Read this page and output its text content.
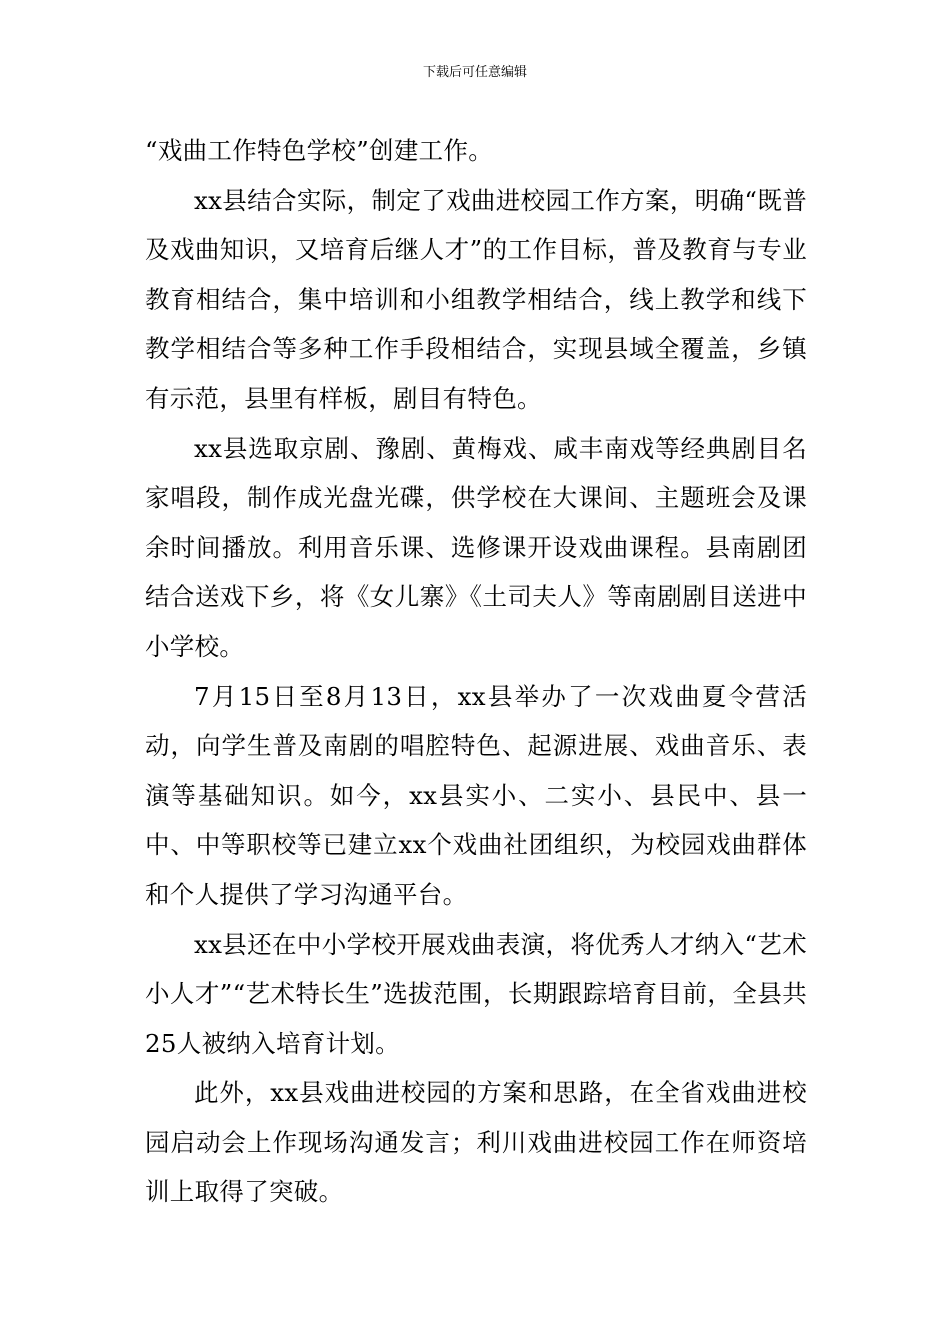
下载后可任意编辑

“戏曲工作特色学校”创建工作。

xx县结合实际，制定了戏曲进校园工作方案，明确“既普及戏曲知识，又培育后继人才”的工作目标，普及教育与专业教育相结合，集中培训和小组教学相结合，线上教学和线下教学相结合等多种工作手段相结合，实现县域全覆盖，乡镇有示范，县里有样板，剧目有特色。

xx县选取京剧、豫剧、黄梅戏、咸丰南戏等经典剧目名家唱段，制作成光盘光碟，供学校在大课间、主题班会及课余时间播放。利用音乐课、选修课开设戏曲课程。县南剧团结合送戏下乡，将《女儿寨》《土司夫人》等南剧剧目送进中小学校。

7月15日至8月13日，xx县举办了一次戏曲夏令营活动，向学生普及南剧的唱腔特色、起源进展、戏曲音乐、表演等基础知识。如今，xx县实小、二实小、县民中、县一中、中等职校等已建立xx个戏曲社团组织，为校园戏曲群体和个人提供了学习沟通平台。

xx县还在中小学校开展戏曲表演，将优秀人才纳入“艺术小人才”“艺术特长生”选拔范围，长期跟踪培育目前，全县共25人被纳入培育计划。

此外，xx县戏曲进校园的方案和思路，在全省戏曲进校园启动会上作现场沟通发言；利川戏曲进校园工作在师资培训上取得了突破。
